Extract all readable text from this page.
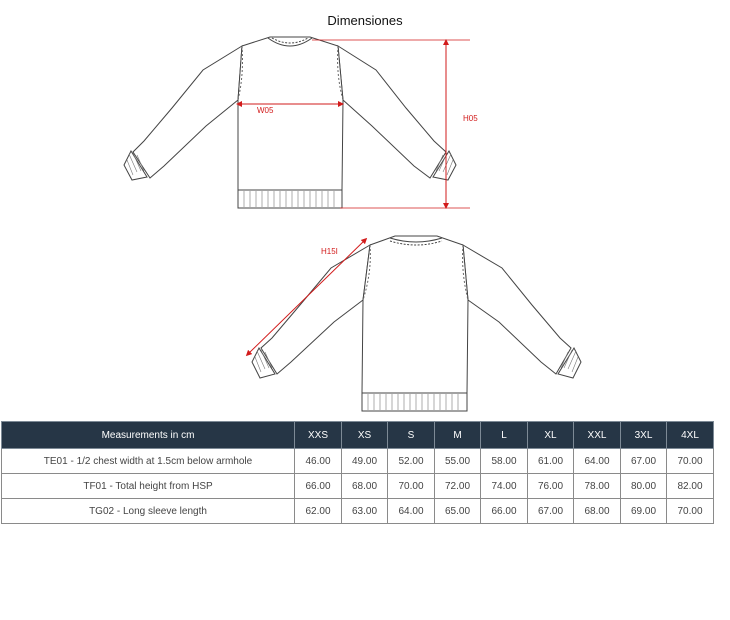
Dimensiones
W05
H05
H15I
Measurements in cm	XXS	XS	S	M	L	XL	XXL	3XL	4XL
TE01 - 1/2 chest width at 1.5cm below armhole	46.00	49.00	52.00	55.00	58.00	61.00	64.00	67.00	70.00
TF01 - Total height from HSP	66.00	68.00	70.00	72.00	74.00	76.00	78.00	80.00	82.00
TG02 - Long sleeve length	62.00	63.00	64.00	65.00	66.00	67.00	68.00	69.00	70.00
